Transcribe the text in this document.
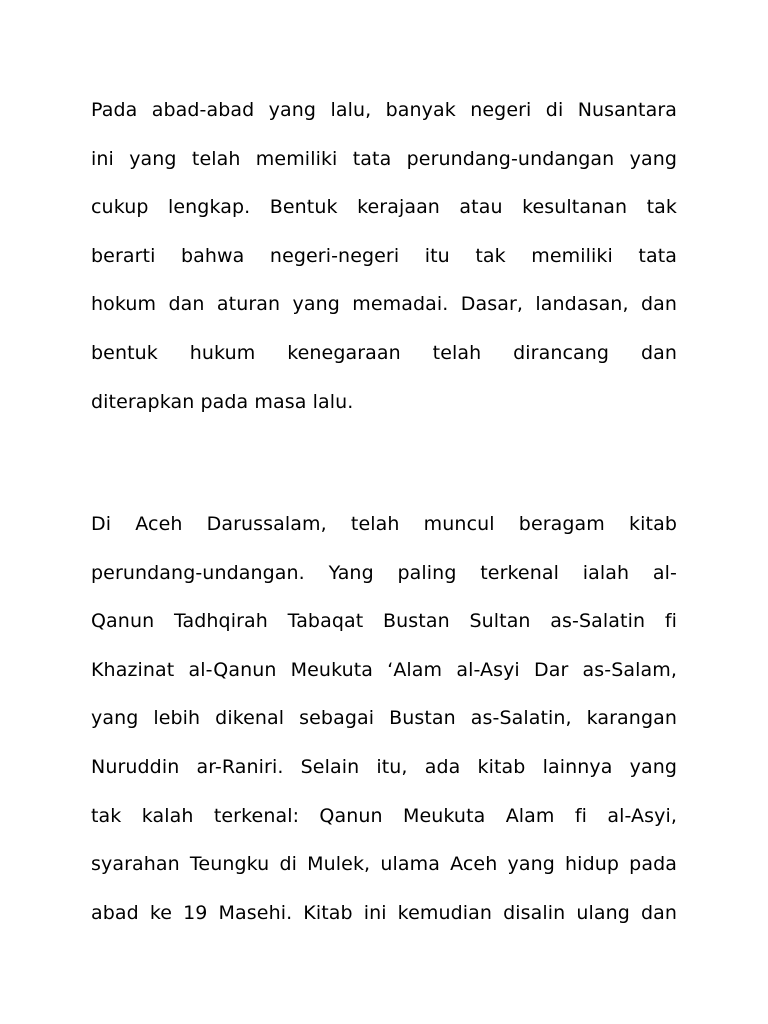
Pada abad-abad yang lalu, banyak negeri di Nusantara
ini yang telah memiliki tata perundang-undangan yang
cukup lengkap. Bentuk kerajaan atau kesultanan tak
berarti bahwa negeri-negeri itu tak memiliki tata
hokum dan aturan yang memadai. Dasar, landasan, dan
bentuk hukum kenegaraan telah dirancang dan
diterapkan pada masa lalu.
Di Aceh Darussalam, telah muncul beragam kitab
perundang-undangan. Yang paling terkenal ialah al-
Qanun Tadhqirah Tabaqat Bustan Sultan as-Salatin fi
Khazinat al-Qanun Meukuta ‘Alam al-Asyi Dar as-Salam,
yang lebih dikenal sebagai Bustan as-Salatin, karangan
Nuruddin ar-Raniri. Selain itu, ada kitab lainnya yang
tak kalah terkenal: Qanun Meukuta Alam fi al-Asyi,
syarahan Teungku di Mulek, ulama Aceh yang hidup pada
abad ke 19 Masehi. Kitab ini kemudian disalin ulang dan
